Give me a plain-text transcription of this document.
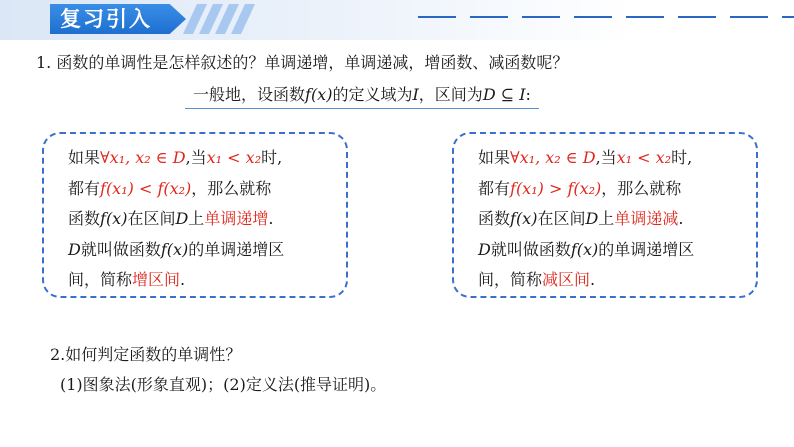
复习引入
1. 函数的单调性是怎样叙述的？单调递增，单调递减，增函数、减函数呢？
一般地，设函数f(x)的定义域为I，区间为D ⊆ I:
如果∀x₁, x₂ ∈ D,当x₁ < x₂时,
都有f(x₁) < f(x₂)，那么就称
函数f(x)在区间D上单调递增.
D就叫做函数f(x)的单调递增区
间，简称增区间.
如果∀x₁, x₂ ∈ D,当x₁ < x₂时,
都有f(x₁) > f(x₂)，那么就称
函数f(x)在区间D上单调递减.
D就叫做函数f(x)的单调递增区
间，简称减区间.
2.如何判定函数的单调性？
(1)图象法(形象直观)；(2)定义法(推导证明)。
